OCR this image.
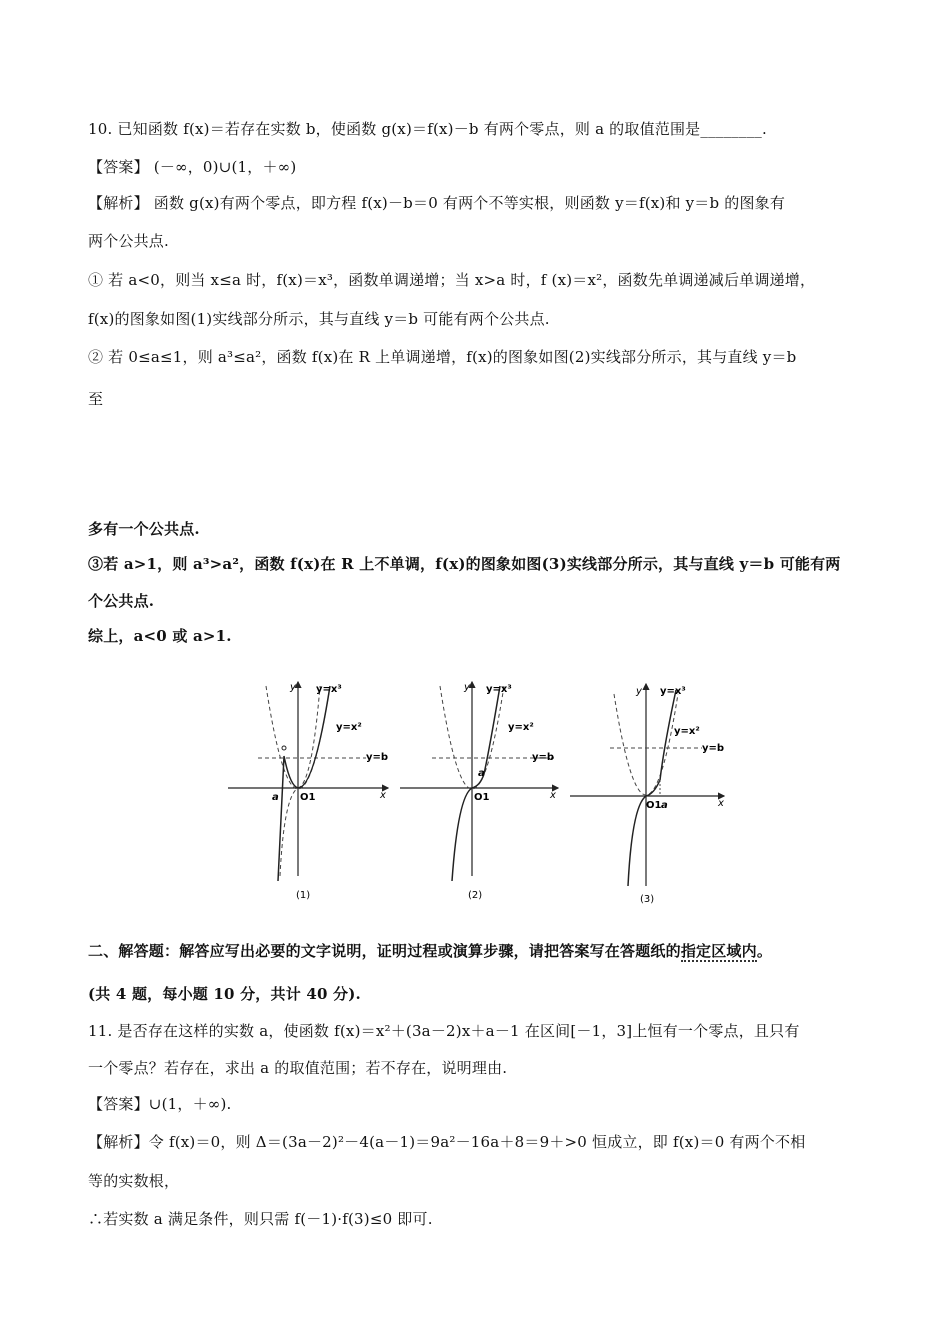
10. 已知函数 f(x)＝若存在实数 b，使函数 g(x)＝f(x)－b 有两个零点，则 a 的取值范围是________.
【答案】 (－∞，0)∪(1，＋∞)
【解析】 函数 g(x)有两个零点，即方程 f(x)－b＝0 有两个不等实根，则函数 y＝f(x)和 y＝b 的图象有
两个公共点.
① 若 a<0，则当 x≤a 时，f(x)＝x³，函数单调递增；当 x>a 时，f (x)＝x²，函数先单调递减后单调递增，
f(x)的图象如图(1)实线部分所示，其与直线 y＝b 可能有两个公共点.
② 若 0≤a≤1，则 a³≤a²，函数 f(x)在 R 上单调递增，f(x)的图象如图(2)实线部分所示，其与直线 y＝b
至
多有一个公共点.
③若 a>1，则 a³>a²，函数 f(x)在 R 上不单调，f(x)的图象如图(3)实线部分所示，其与直线 y＝b 可能有两
个公共点.
综上，a<0 或 a>1.
y y=x³
y=x²
y=b
O1
a	x
(1)
y y=x³
y=x²
y=b
O1
a
x
(2)
y y=x³
y=x²
y=b
O1 a	x
(3)
二、解答题：解答应写出必要的文字说明，证明过程或演算步骤，请把答案写在答题纸的指定区域内。
(共 4 题，每小题 10 分，共计 40 分).
11. 是否存在这样的实数 a，使函数 f(x)＝x²＋(3a－2)x＋a－1 在区间[－1，3]上恒有一个零点，且只有
一个零点？若存在，求出 a 的取值范围；若不存在，说明理由.
【答案】∪(1，＋∞).
【解析】令 f(x)＝0，则 Δ＝(3a－2)²－4(a－1)＝9a²－16a＋8＝9＋>0 恒成立，即 f(x)＝0 有两个不相
等的实数根，
∴若实数 a 满足条件，则只需 f(－1)·f(3)≤0 即可.
